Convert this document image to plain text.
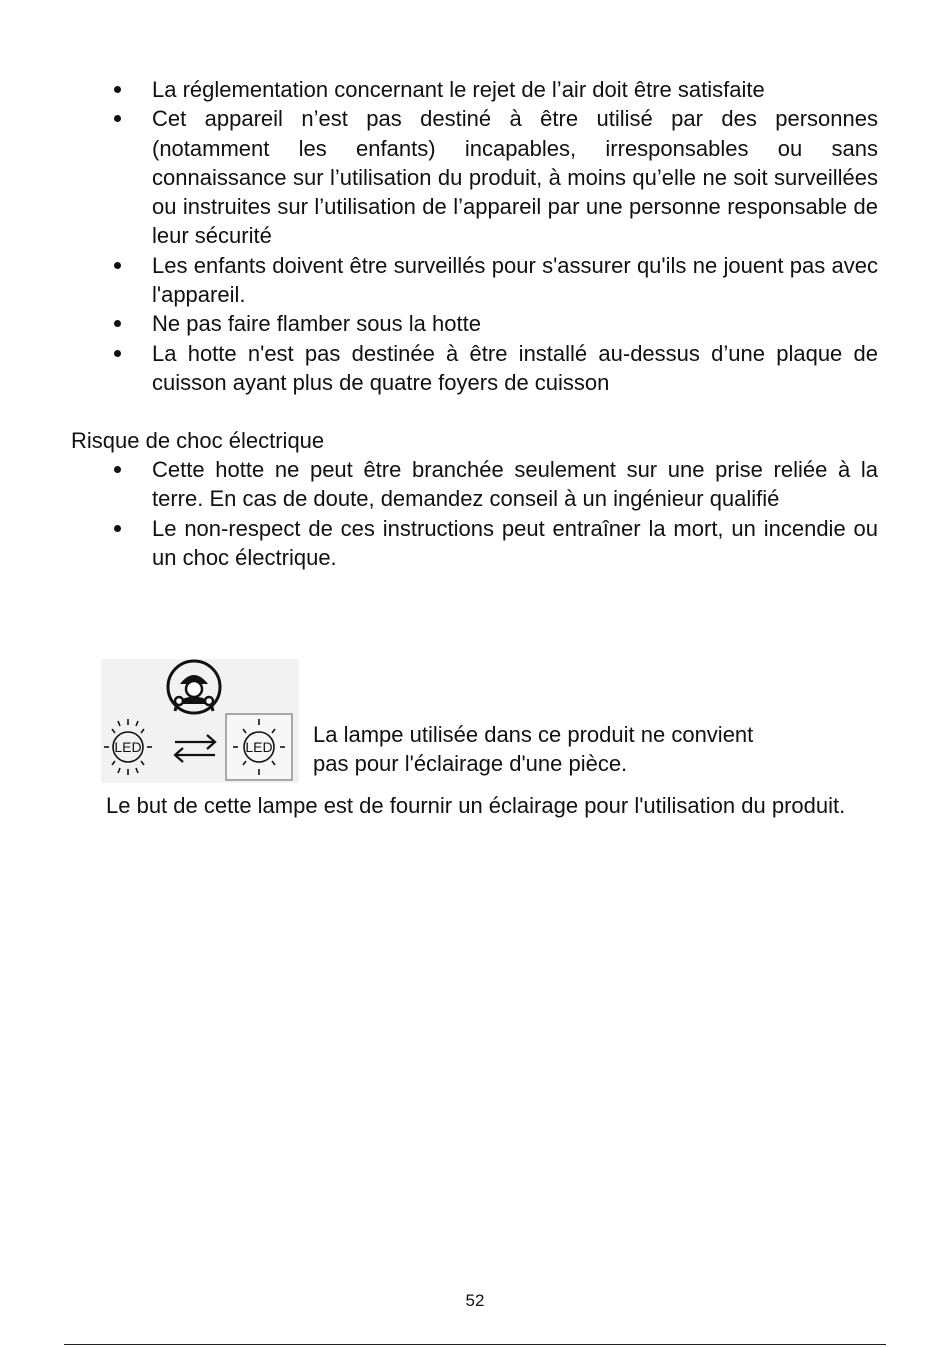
La réglementation concernant le rejet de l’air doit être satisfaite
Cet appareil n’est pas destiné à être utilisé par des personnes (notamment les enfants) incapables, irresponsables ou sans connaissance sur l’utilisation du produit, à moins qu’elle ne soit surveillées ou instruites sur l’utilisation de l’appareil par une personne responsable de leur sécurité
Les enfants doivent être surveillés pour s'assurer qu'ils ne jouent pas avec l'appareil.
Ne pas faire flamber sous la hotte
La hotte n'est pas destinée à être installé au-dessus d’une plaque de cuisson ayant plus de quatre foyers de cuisson
Risque de choc électrique
Cette hotte ne peut être branchée seulement sur une prise reliée à la terre. En cas de doute, demandez conseil à un ingénieur qualifié
Le non-respect de ces instructions peut entraîner la mort, un incendie ou un choc électrique.
LED	LED La lampe utilisée dans ce produit ne convient

pas pour l'éclairage d'une pièce.

Le but de cette lampe est de fournir un éclairage pour l'utilisation du produit.

52
